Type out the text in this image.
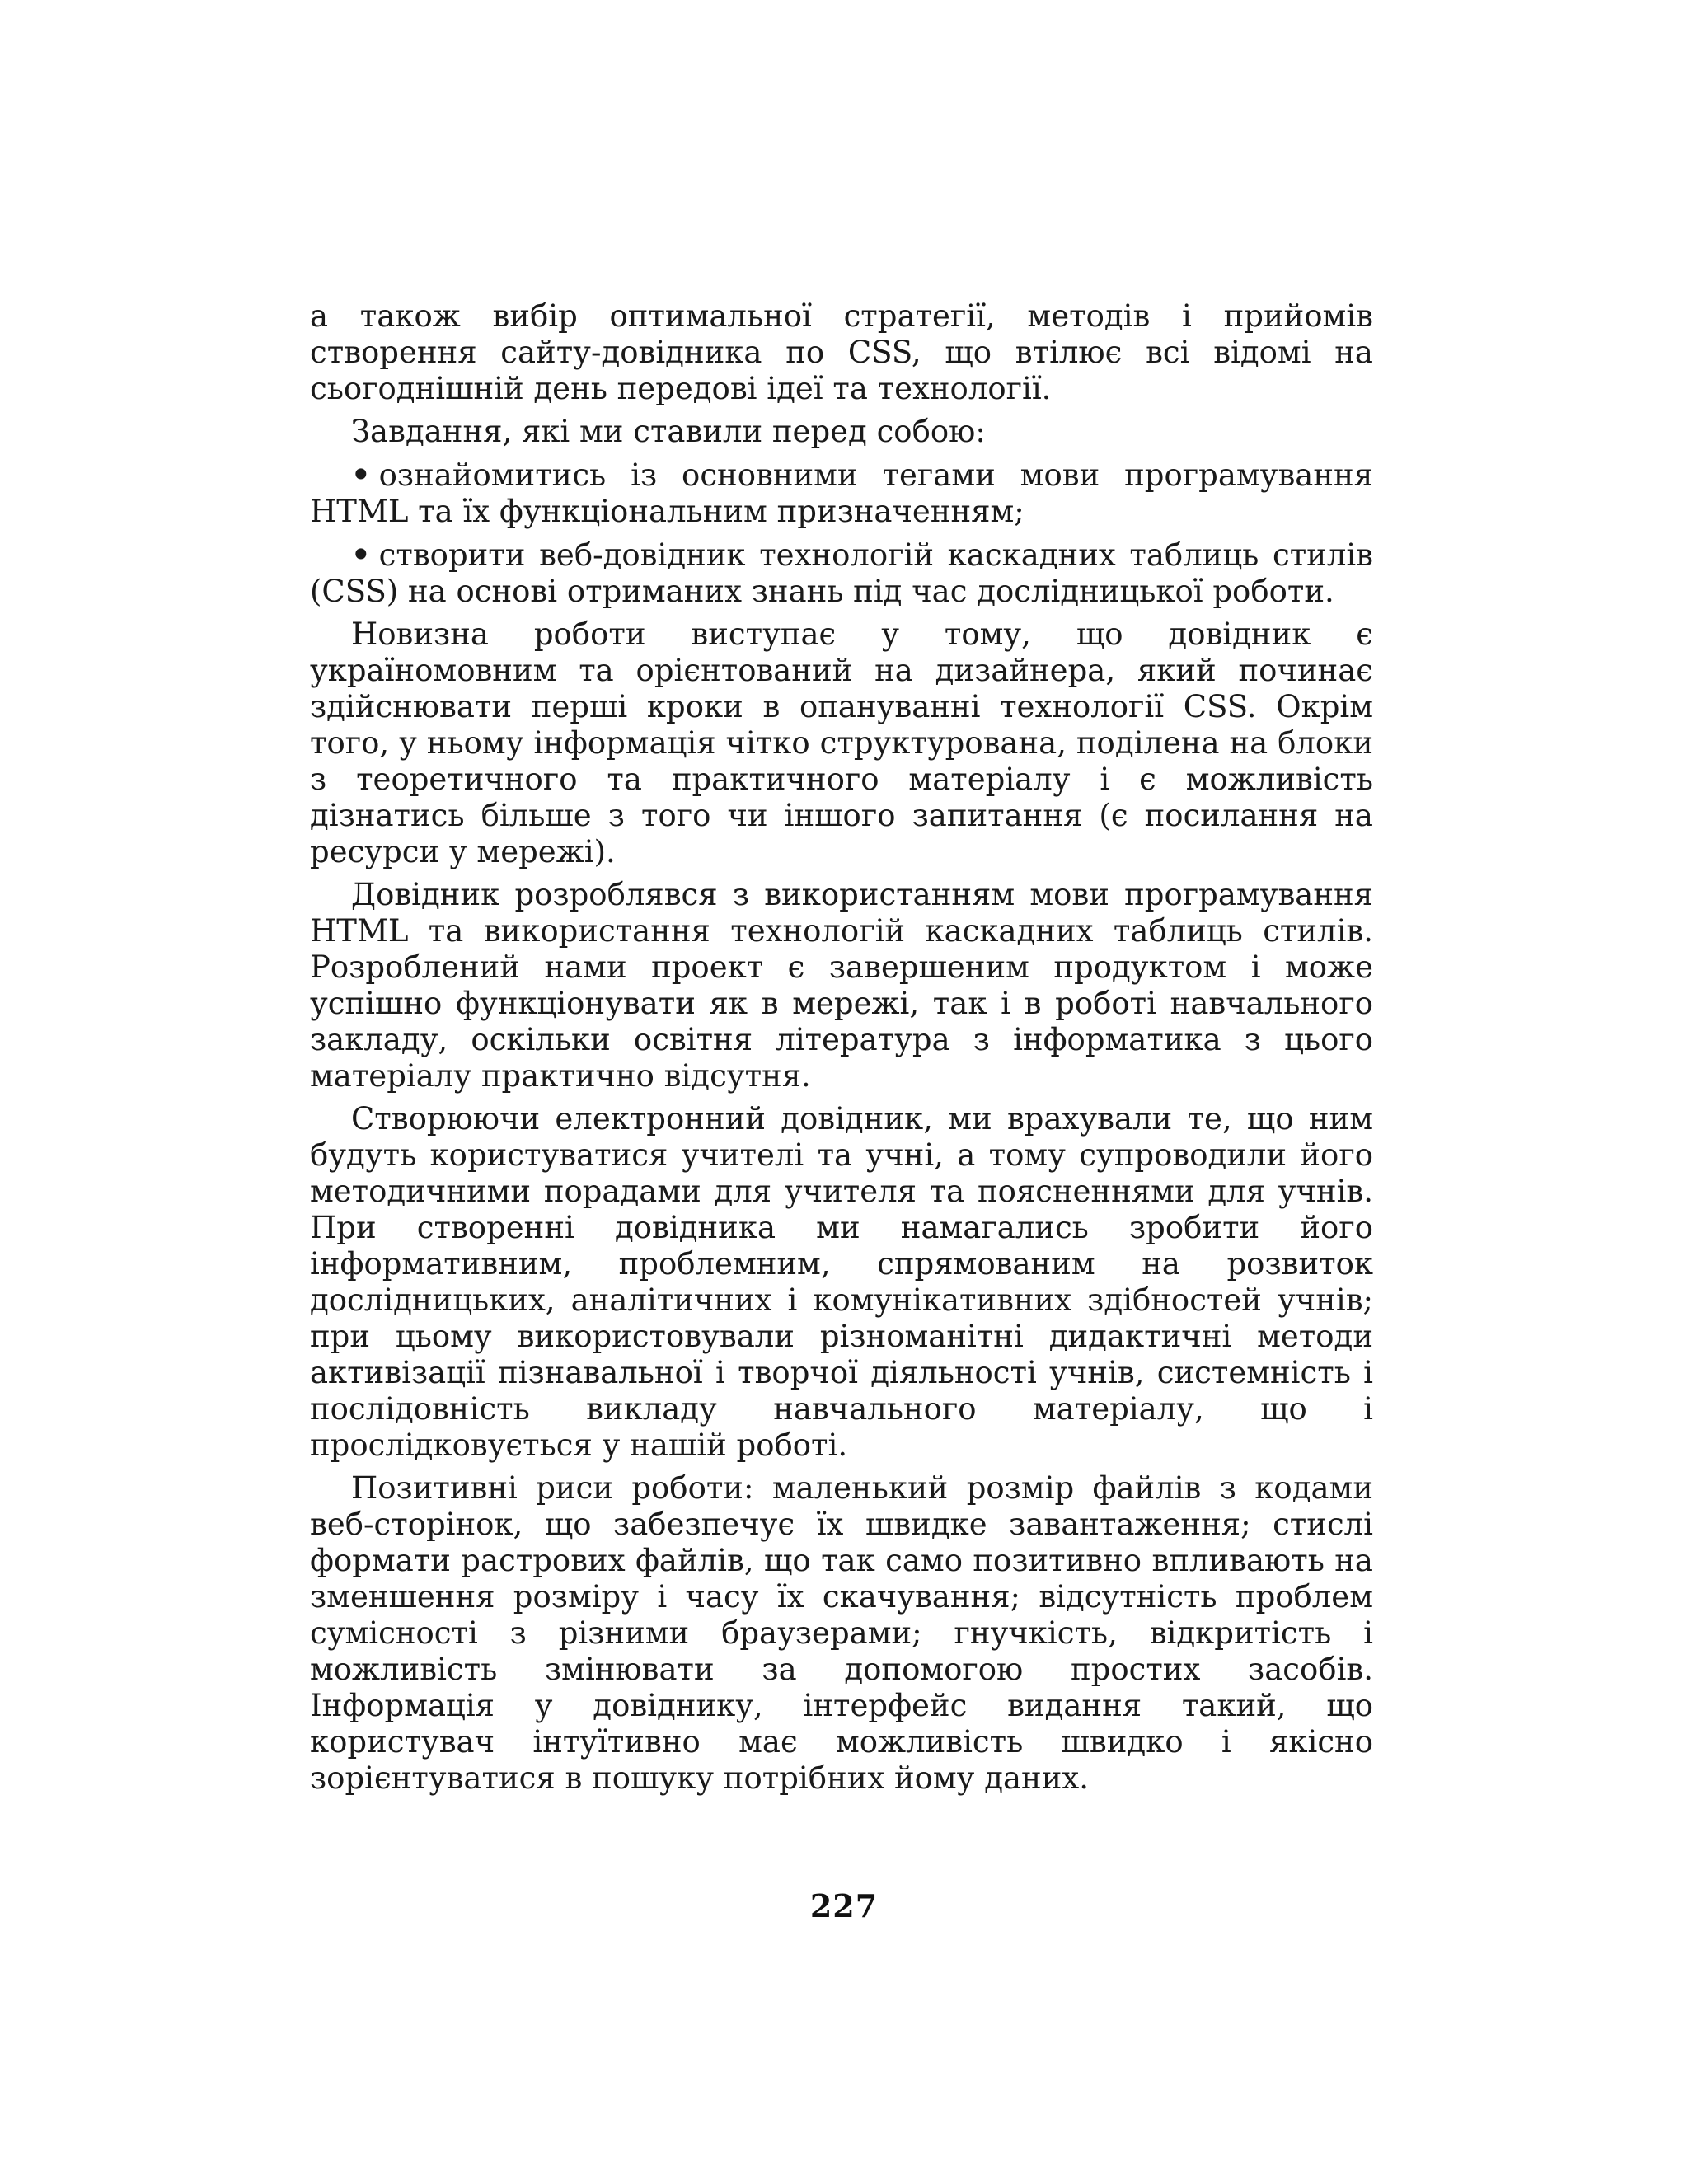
а також вибір оптимальної стратегії, методів і прийомів створення сайту-довідника по CSS, що втілює всі відомі на сьогоднішній день передові ідеї та технології.

Завдання, які ми ставили перед собою:

• ознайомитись із основними тегами мови програмування HTML та їх функціональним призначенням;

• створити веб-довідник технологій каскадних таблиць стилів (CSS) на основі отриманих знань під час дослідницької роботи.

Новизна роботи виступає у тому, що довідник є україномовним та орієнтований на дизайнера, який починає здійснювати перші кроки в опануванні технології CSS. Окрім того, у ньому інформація чітко структурована, поділена на блоки з теоретичного та практичного матеріалу і є можливість дізнатись більше з того чи іншого запитання (є посилання на ресурси у мережі).

Довідник розроблявся з використанням мови програмування HTML та використання технологій каскадних таблиць стилів. Розроблений нами проект є завершеним продуктом і може успішно функціонувати як в мережі, так і в роботі навчального закладу, оскільки освітня література з інформатика з цього матеріалу практично відсутня.

Створюючи електронний довідник, ми врахували те, що ним будуть користуватися учителі та учні, а тому супроводили його методичними порадами для учителя та поясненнями для учнів. При створенні довідника ми намагались зробити його інформативним, проблемним, спрямованим на розвиток дослідницьких, аналітичних і комунікативних здібностей учнів; при цьому використовували різноманітні дидактичні методи активізації пізнавальної і творчої діяльності учнів, системність і послідовність викладу навчального матеріалу, що і прослідковується у нашій роботі.

Позитивні риси роботи: маленький розмір файлів з кодами веб-сторінок, що забезпечує їх швидке завантаження; стислі формати растрових файлів, що так само позитивно впливають на зменшення розміру і часу їх скачування; відсутність проблем сумісності з різними браузерами; гнучкість, відкритість і можливість змінювати за допомогою простих засобів. Інформація у довіднику, інтерфейс видання такий, що користувач інтуїтивно має можливість швидко і якісно зорієнтуватися в пошуку потрібних йому даних.

227
